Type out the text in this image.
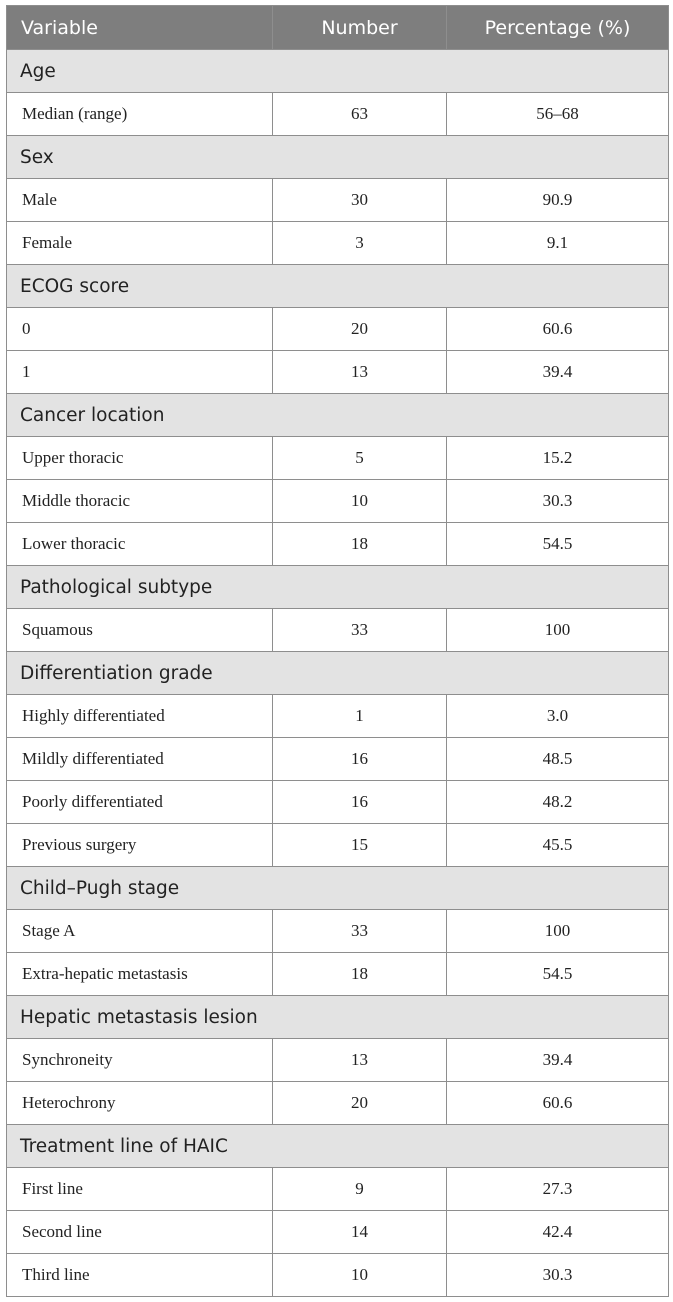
Variable	Number	Percentage (%)
Age		
Median (range)	63	56–68
Sex		
Male	30	90.9
Female	3	9.1
ECOG score		
0	20	60.6
1	13	39.4
Cancer location		
Upper thoracic	5	15.2
Middle thoracic	10	30.3
Lower thoracic	18	54.5
Pathological subtype		
Squamous	33	100
Differentiation grade		
Highly differentiated	1	3.0
Mildly differentiated	16	48.5
Poorly differentiated	16	48.2
Previous surgery	15	45.5
Child–Pugh stage		
Stage A	33	100
Extra-hepatic metastasis	18	54.5
Hepatic metastasis lesion		
Synchroneity	13	39.4
Heterochrony	20	60.6
Treatment line of HAIC		
First line	9	27.3
Second line	14	42.4
Third line	10	30.3
